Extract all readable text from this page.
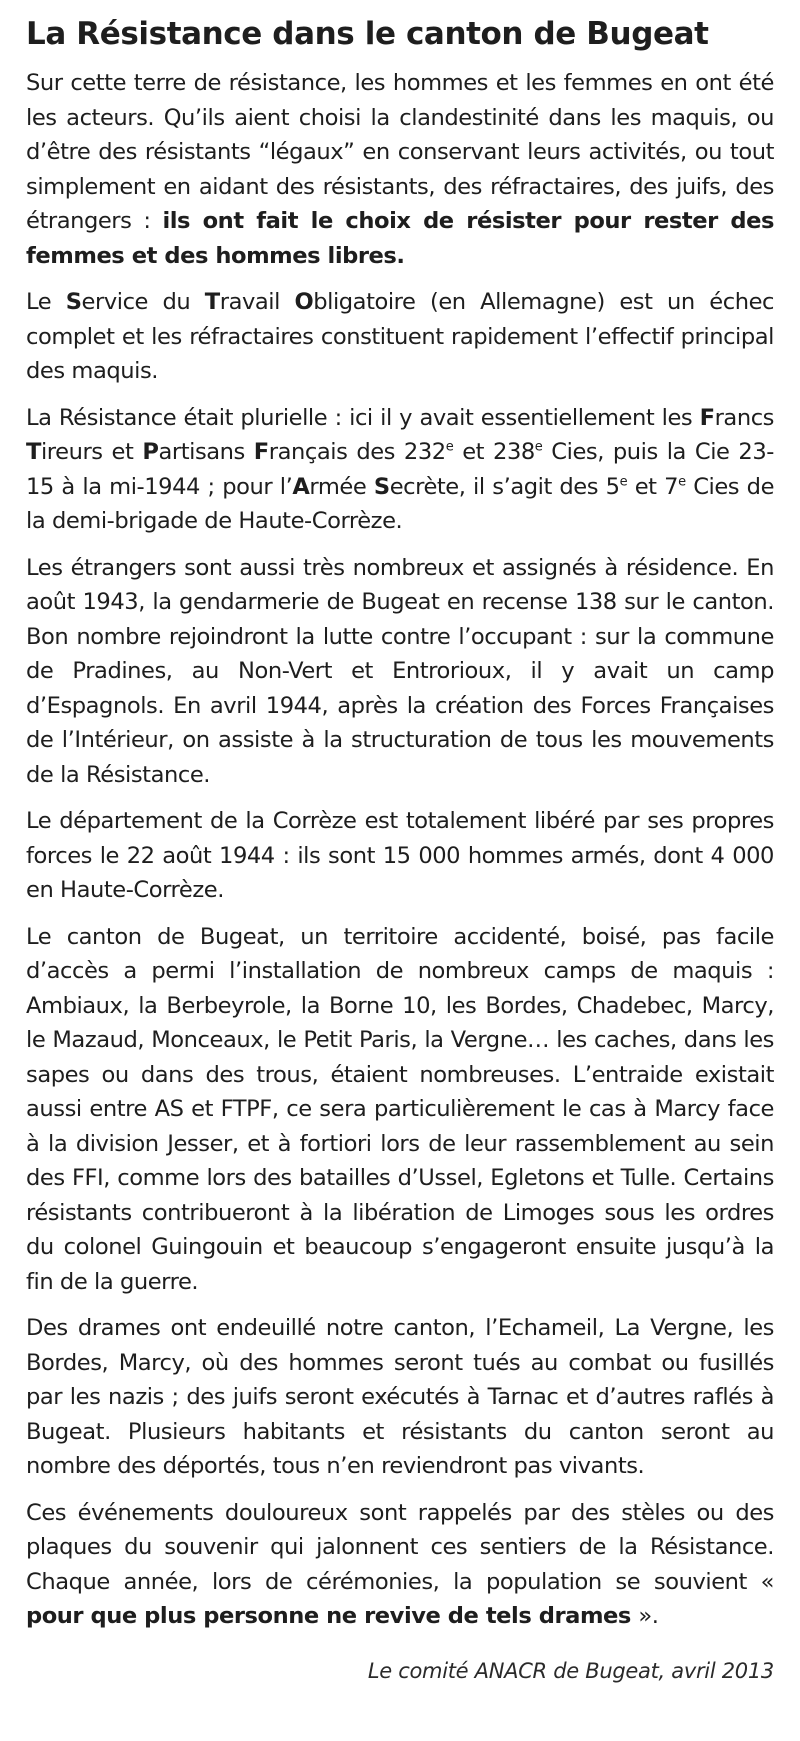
La Résistance dans le canton de Bugeat

Sur cette terre de résistance, les hommes et les femmes en ont été les acteurs. Qu’ils aient choisi la clandestinité dans les maquis, ou d’être des résistants “légaux” en conservant leurs activités, ou tout simplement en aidant des résistants, des réfractaires, des juifs, des étrangers : ils ont fait le choix de résister pour rester des femmes et des hommes libres.

Le Service du Travail Obligatoire (en Allemagne) est un échec complet et les réfractaires constituent rapidement l’effectif principal des maquis.

La Résistance était plurielle : ici il y avait essentiellement les Francs Tireurs et Partisans Français des 232e et 238e Cies, puis la Cie 23-15 à la mi-1944 ; pour l’Armée Secrète, il s’agit des 5e et 7e Cies de la demi-brigade de Haute-Corrèze.

Les étrangers sont aussi très nombreux et assignés à résidence. En août 1943, la gendarmerie de Bugeat en recense 138 sur le canton. Bon nombre rejoindront la lutte contre l’occupant : sur la commune de Pradines, au Non-Vert et Entrorioux, il y avait un camp d’Espagnols. En avril 1944, après la création des Forces Françaises de l’Intérieur, on assiste à la structuration de tous les mouvements de la Résistance.

Le département de la Corrèze est totalement libéré par ses propres forces le 22 août 1944 : ils sont 15 000 hommes armés, dont 4 000 en Haute-Corrèze.

Le canton de Bugeat, un territoire accidenté, boisé, pas facile d’accès a permi l’installation de nombreux camps de maquis : Ambiaux, la Berbeyrole, la Borne 10, les Bordes, Chadebec, Marcy, le Mazaud, Monceaux, le Petit Paris, la Vergne… les caches, dans les sapes ou dans des trous, étaient nombreuses. L’entraide existait aussi entre AS et FTPF, ce sera particulièrement le cas à Marcy face à la division Jesser, et à fortiori lors de leur rassemblement au sein des FFI, comme lors des batailles d’Ussel, Egletons et Tulle. Certains résistants contribueront à la libération de Limoges sous les ordres du colonel Guingouin et beaucoup s’engageront ensuite jusqu’à la fin de la guerre.

Des drames ont endeuillé notre canton, l’Echameil, La Vergne, les Bordes, Marcy, où des hommes seront tués au combat ou fusillés par les nazis ; des juifs seront exécutés à Tarnac et d’autres raflés à Bugeat. Plusieurs habitants et résistants du canton seront au nombre des déportés, tous n’en reviendront pas vivants.

Ces événements douloureux sont rappelés par des stèles ou des plaques du souvenir qui jalonnent ces sentiers de la Résistance. Chaque année, lors de cérémonies, la population se souvient « pour que plus personne ne revive de tels drames ».

Le comité ANACR de Bugeat, avril 2013
